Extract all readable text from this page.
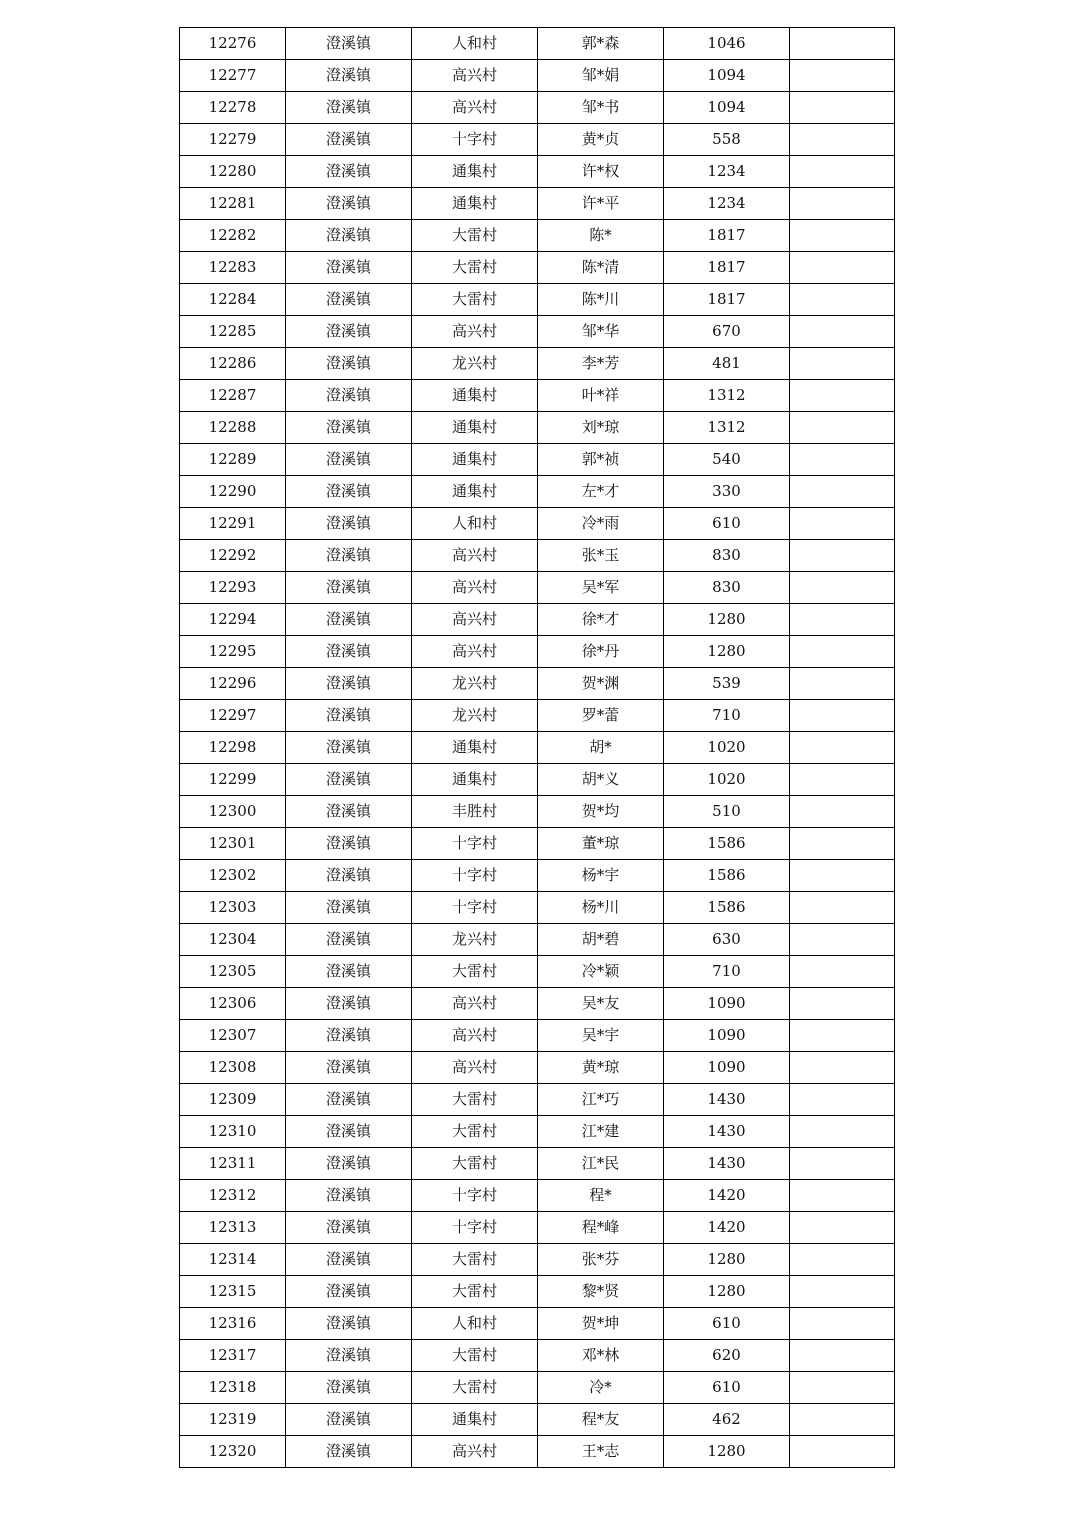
12276	澄溪镇	人和村	郭*森	1046	
12277	澄溪镇	高兴村	邹*娟	1094	
12278	澄溪镇	高兴村	邹*书	1094	
12279	澄溪镇	十字村	黄*贞	558	
12280	澄溪镇	通集村	许*权	1234	
12281	澄溪镇	通集村	许*平	1234	
12282	澄溪镇	大雷村	陈*	1817	
12283	澄溪镇	大雷村	陈*清	1817	
12284	澄溪镇	大雷村	陈*川	1817	
12285	澄溪镇	高兴村	邹*华	670	
12286	澄溪镇	龙兴村	李*芳	481	
12287	澄溪镇	通集村	叶*祥	1312	
12288	澄溪镇	通集村	刘*琼	1312	
12289	澄溪镇	通集村	郭*祯	540	
12290	澄溪镇	通集村	左*才	330	
12291	澄溪镇	人和村	冷*雨	610	
12292	澄溪镇	高兴村	张*玉	830	
12293	澄溪镇	高兴村	吴*军	830	
12294	澄溪镇	高兴村	徐*才	1280	
12295	澄溪镇	高兴村	徐*丹	1280	
12296	澄溪镇	龙兴村	贺*渊	539	
12297	澄溪镇	龙兴村	罗*蕾	710	
12298	澄溪镇	通集村	胡*	1020	
12299	澄溪镇	通集村	胡*义	1020	
12300	澄溪镇	丰胜村	贺*均	510	
12301	澄溪镇	十字村	董*琼	1586	
12302	澄溪镇	十字村	杨*宇	1586	
12303	澄溪镇	十字村	杨*川	1586	
12304	澄溪镇	龙兴村	胡*碧	630	
12305	澄溪镇	大雷村	冷*颖	710	
12306	澄溪镇	高兴村	吴*友	1090	
12307	澄溪镇	高兴村	吴*宇	1090	
12308	澄溪镇	高兴村	黄*琼	1090	
12309	澄溪镇	大雷村	江*巧	1430	
12310	澄溪镇	大雷村	江*建	1430	
12311	澄溪镇	大雷村	江*民	1430	
12312	澄溪镇	十字村	程*	1420	
12313	澄溪镇	十字村	程*峰	1420	
12314	澄溪镇	大雷村	张*芬	1280	
12315	澄溪镇	大雷村	黎*贤	1280	
12316	澄溪镇	人和村	贺*坤	610	
12317	澄溪镇	大雷村	邓*林	620	
12318	澄溪镇	大雷村	冷*	610	
12319	澄溪镇	通集村	程*友	462	
12320	澄溪镇	高兴村	王*志	1280	
